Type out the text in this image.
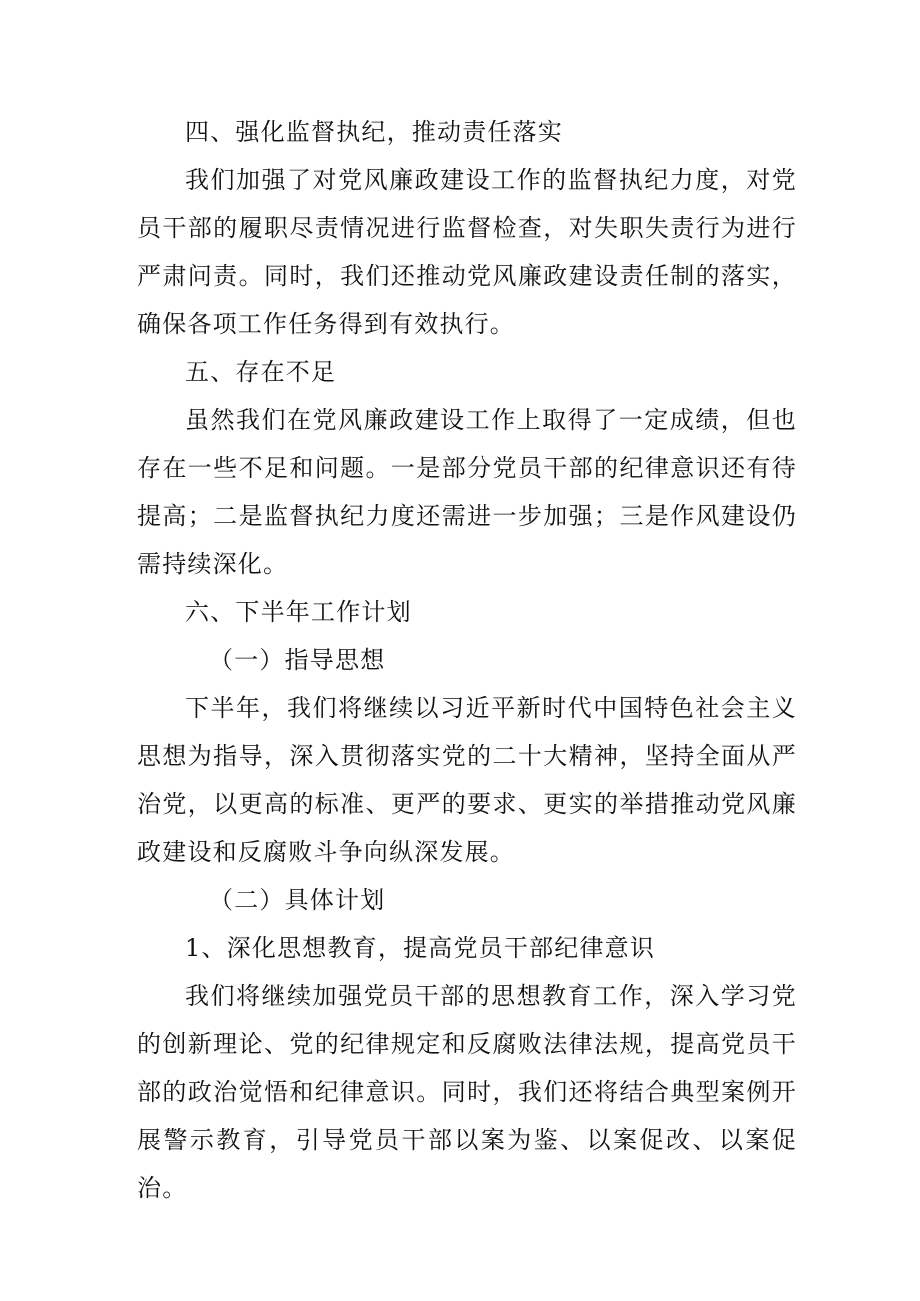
四、强化监督执纪，推动责任落实

我们加强了对党风廉政建设工作的监督执纪力度，对党员干部的履职尽责情况进行监督检查，对失职失责行为进行严肃问责。同时，我们还推动党风廉政建设责任制的落实，确保各项工作任务得到有效执行。

五、存在不足

虽然我们在党风廉政建设工作上取得了一定成绩，但也存在一些不足和问题。一是部分党员干部的纪律意识还有待提高；二是监督执纪力度还需进一步加强；三是作风建设仍需持续深化。

六、下半年工作计划

（一）指导思想

下半年，我们将继续以习近平新时代中国特色社会主义思想为指导，深入贯彻落实党的二十大精神，坚持全面从严治党，以更高的标准、更严的要求、更实的举措推动党风廉政建设和反腐败斗争向纵深发展。

（二）具体计划

1、深化思想教育，提高党员干部纪律意识

我们将继续加强党员干部的思想教育工作，深入学习党的创新理论、党的纪律规定和反腐败法律法规，提高党员干部的政治觉悟和纪律意识。同时，我们还将结合典型案例开展警示教育，引导党员干部以案为鉴、以案促改、以案促治。
